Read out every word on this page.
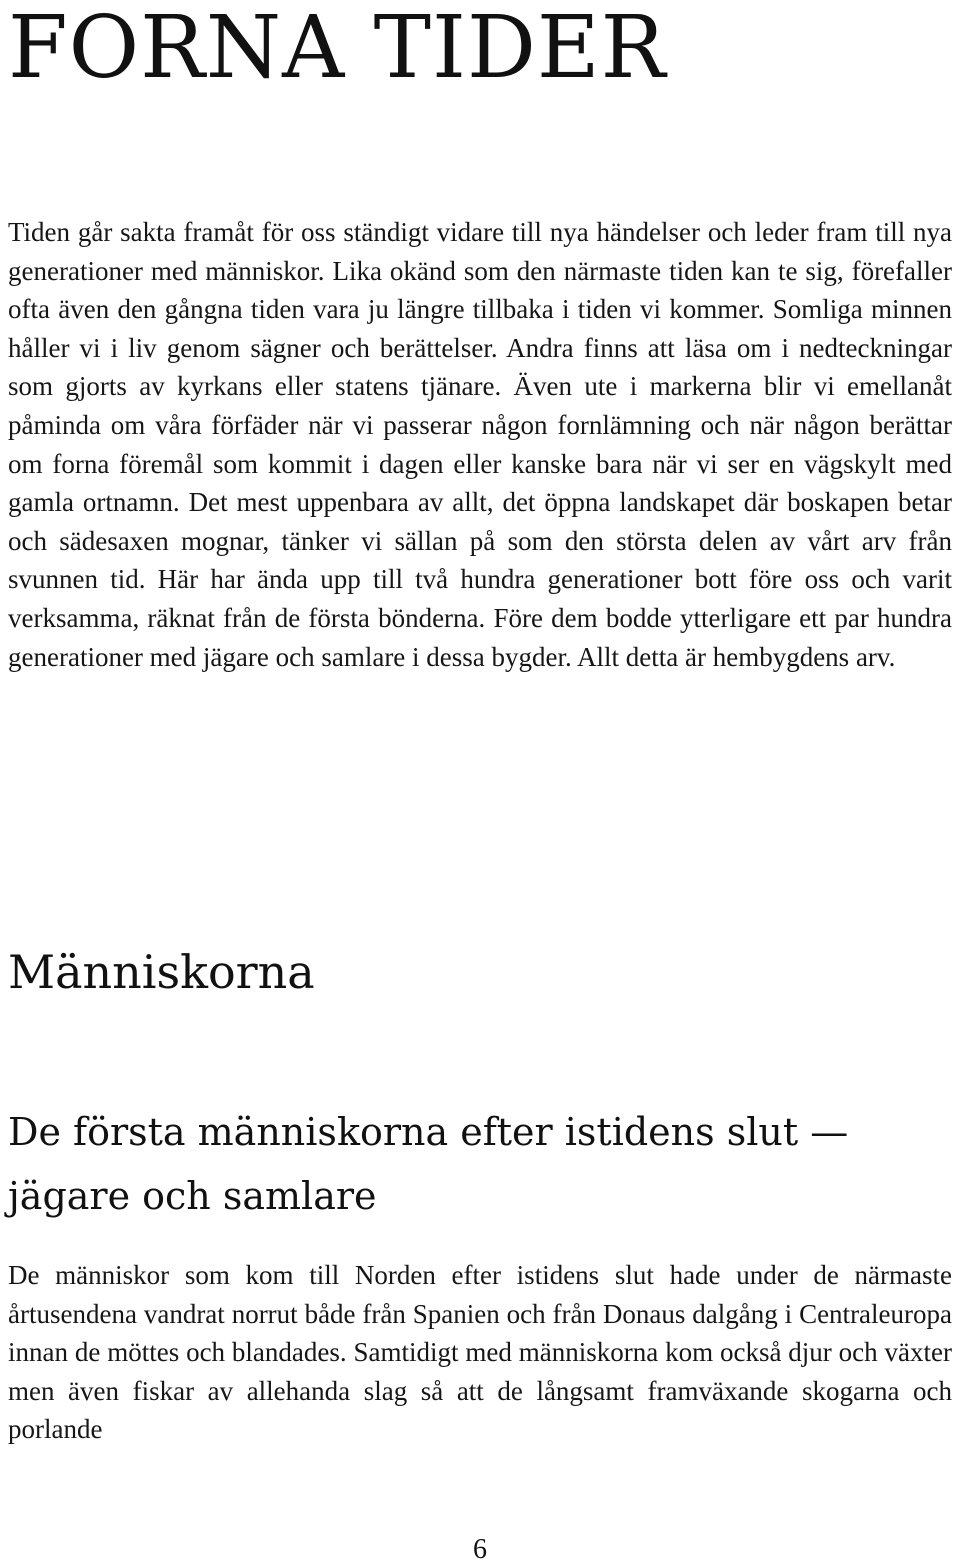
FORNA TIDER

Tiden går sakta framåt för oss ständigt vidare till nya händelser och leder fram till nya generationer med människor. Lika okänd som den närmaste tiden kan te sig, förefaller ofta även den gångna tiden vara ju längre tillbaka i tiden vi kommer. Somliga minnen håller vi i liv genom sägner och berättelser. Andra finns att läsa om i nedteckningar som gjorts av kyrkans eller statens tjänare. Även ute i markerna blir vi emellanåt påminda om våra förfäder när vi passerar någon fornlämning och när någon berättar om forna föremål som kommit i dagen eller kanske bara när vi ser en vägskylt med gamla ortnamn. Det mest uppenbara av allt, det öppna landskapet där boskapen betar och sädesaxen mognar, tänker vi sällan på som den största delen av vårt arv från svunnen tid. Här har ända upp till två hundra generationer bott före oss och varit verksamma, räknat från de första bönderna. Före dem bodde ytterligare ett par hundra generationer med jägare och samlare i dessa bygder. Allt detta är hembygdens arv.

Människorna
De första människorna efter istidens slut —
jägare och samlare

De människor som kom till Norden efter istidens slut hade under de närmaste årtusendena vandrat norrut både från Spanien och från Donaus dalgång i Centraleuropa innan de möttes och blandades. Samtidigt med människorna kom också djur och växter men även fiskar av allehanda slag så att de långsamt framväxande skogarna och porlande

6
